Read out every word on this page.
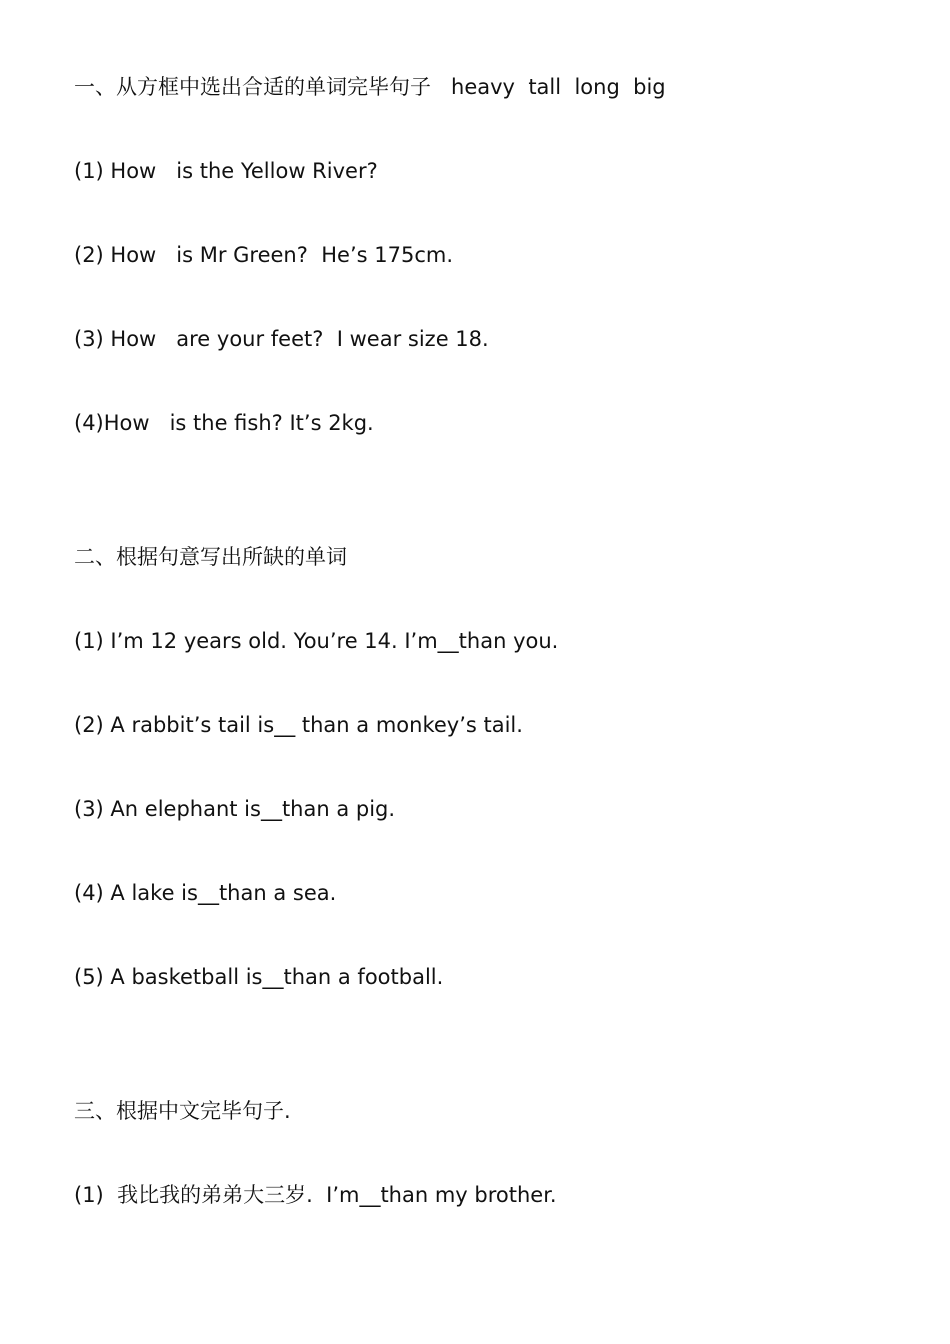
一、从方框中选出合适的单词完毕句子   heavy  tall  long  big
(1) How   is the Yellow River?
(2) How   is Mr Green?  He’s 175cm.
(3) How   are your feet?  I wear size 18.
(4)How   is the fish? It’s 2kg.
二、根据句意写出所缺的单词
(1) I’m 12 years old. You’re 14. I’m__than you.
(2) A rabbit’s tail is__ than a monkey’s tail.
(3) An elephant is__than a pig.
(4) A lake is__than a sea.
(5) A basketball is__than a football.
三、根据中文完毕句子.
(1)  我比我的弟弟大三岁.  I’m__than my brother.
